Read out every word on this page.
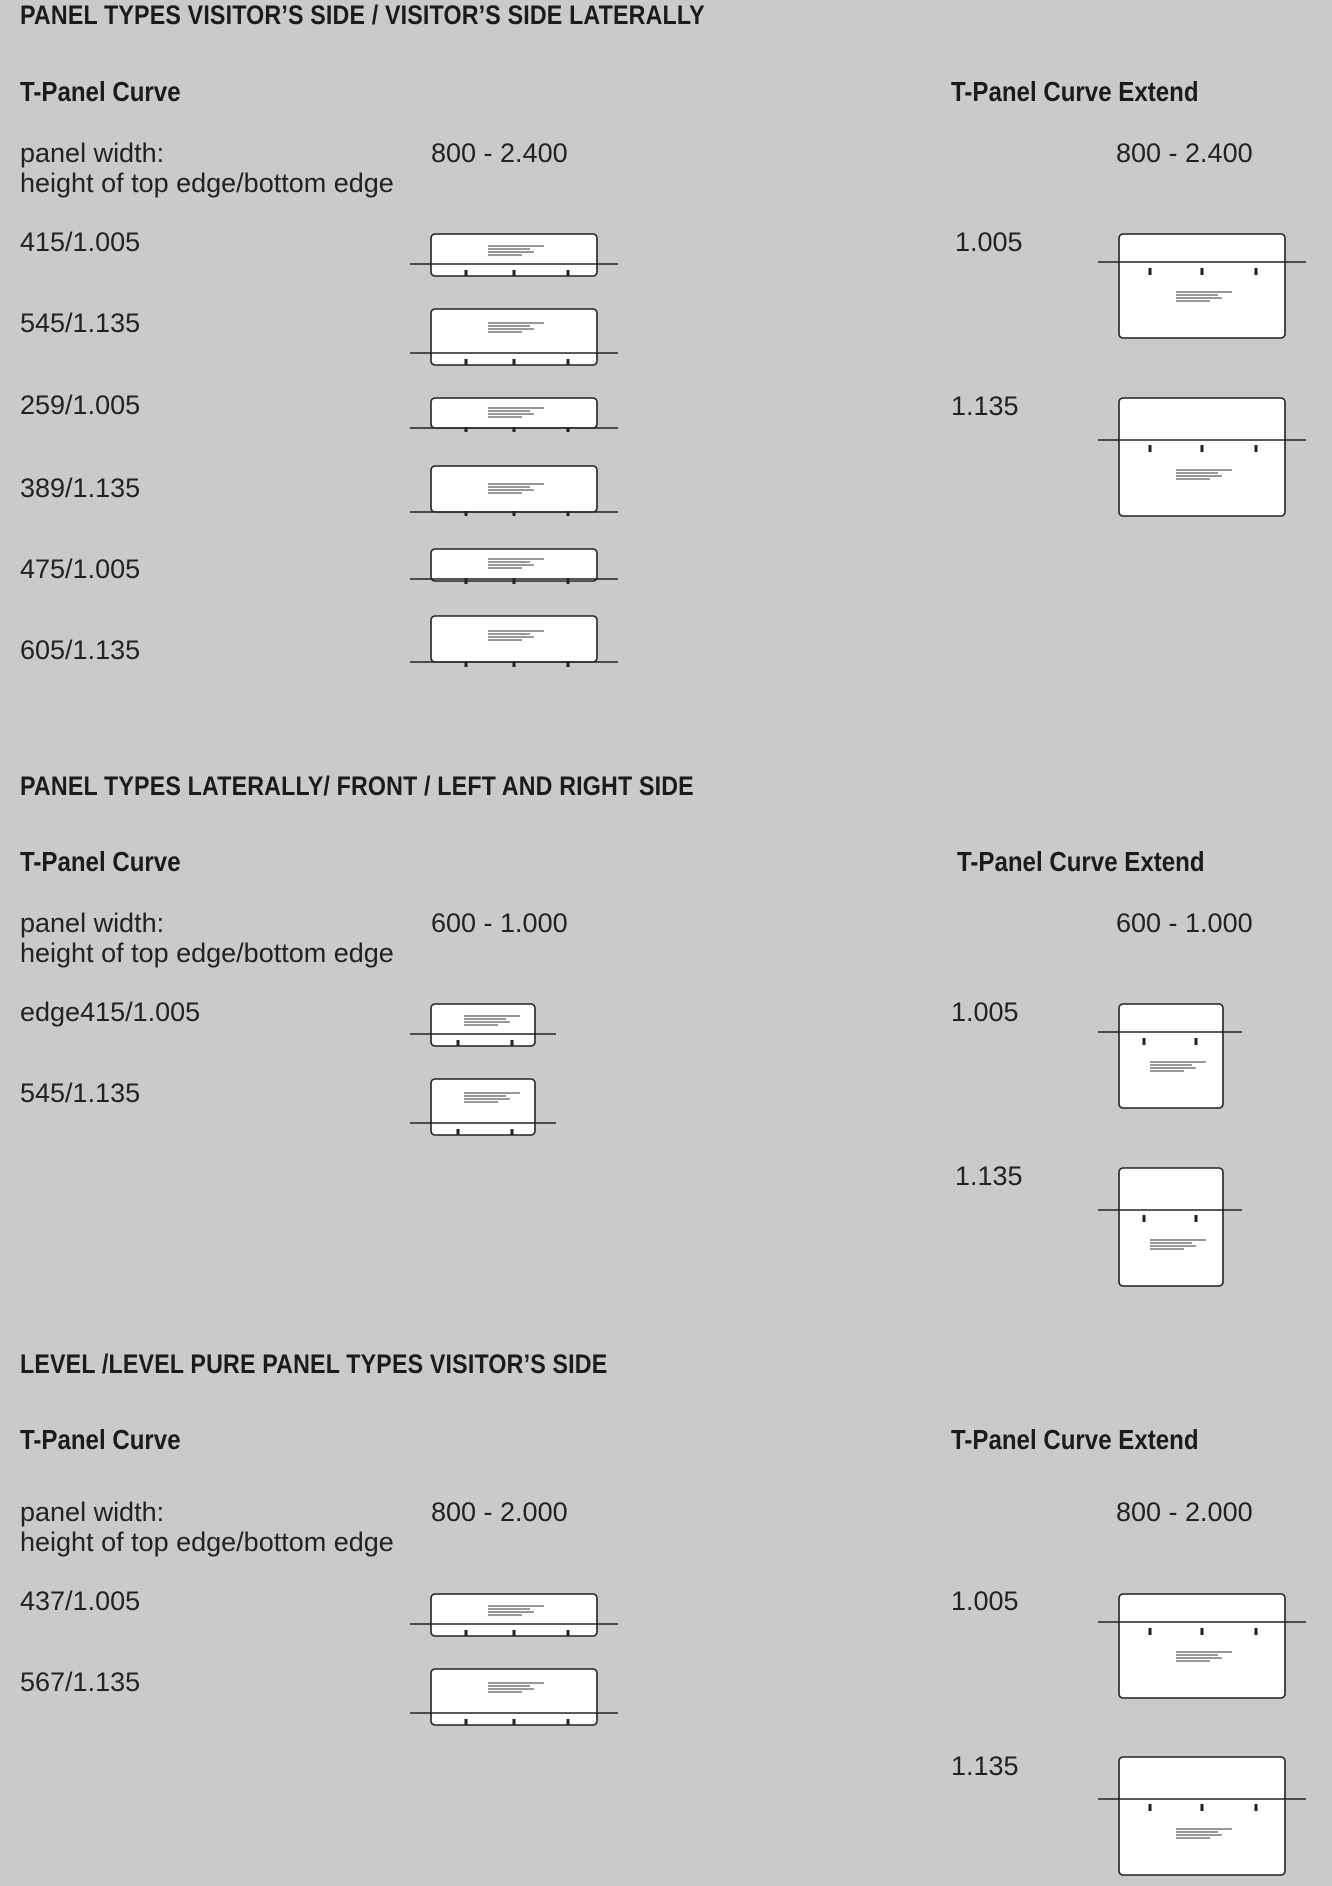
PANEL TYPES VISITOR’S SIDE / VISITOR’S SIDE LATERALLY
T-Panel Curve	T-Panel Curve Extend
panel width:
height of top edge/bottom edge
800 - 2.400	800 - 2.400
415/1.005
545/1.135
259/1.005
389/1.135
475/1.005
605/1.135
1.005
1.135
PANEL TYPES LATERALLY/ FRONT / LEFT AND RIGHT SIDE
T-Panel Curve	T-Panel Curve Extend
panel width:
height of top edge/bottom edge
600 - 1.000	600 - 1.000
edge415/1.005
545/1.135
1.005
1.135
LEVEL /LEVEL PURE PANEL TYPES VISITOR’S SIDE
T-Panel Curve	T-Panel Curve Extend
panel width:
height of top edge/bottom edge
800 - 2.000	800 - 2.000
437/1.005
567/1.135
1.005
1.135
